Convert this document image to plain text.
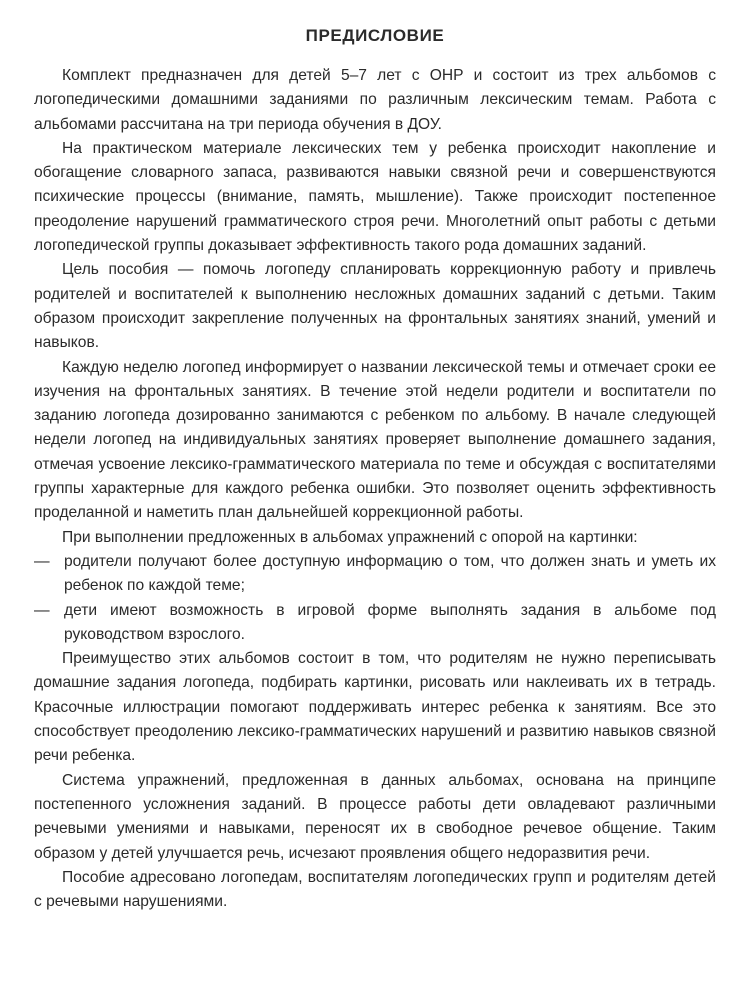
ПРЕДИСЛОВИЕ

Комплект предназначен для детей 5–7 лет с ОНР и состоит из трех альбомов с логопедическими домашними заданиями по различным лексическим темам. Работа с альбомами рассчитана на три периода обучения в ДОУ.

На практическом материале лексических тем у ребенка происходит накопление и обогащение словарного запаса, развиваются навыки связной речи и совершенствуются психические процессы (внимание, память, мышление). Также происходит постепенное преодоление нарушений грамматического строя речи. Многолетний опыт работы с детьми логопедической группы доказывает эффективность такого рода домашних заданий.

Цель пособия — помочь логопеду спланировать коррекционную работу и привлечь родителей и воспитателей к выполнению несложных домашних заданий с детьми. Таким образом происходит закрепление полученных на фронтальных занятиях знаний, умений и навыков.

Каждую неделю логопед информирует о названии лексической темы и отмечает сроки ее изучения на фронтальных занятиях. В течение этой недели родители и воспитатели по заданию логопеда дозированно занимаются с ребенком по альбому. В начале следующей недели логопед на индивидуальных занятиях проверяет выполнение домашнего задания, отмечая усвоение лексико-грамматического материала по теме и обсуждая с воспитателями группы характерные для каждого ребенка ошибки. Это позволяет оценить эффективность проделанной и наметить план дальнейшей коррекционной работы.

При выполнении предложенных в альбомах упражнений с опорой на картинки:

— родители получают более доступную информацию о том, что должен знать и уметь их ребенок по каждой теме;
— дети имеют возможность в игровой форме выполнять задания в альбоме под руководством взрослого.

Преимущество этих альбомов состоит в том, что родителям не нужно переписывать домашние задания логопеда, подбирать картинки, рисовать или наклеивать их в тетрадь. Красочные иллюстрации помогают поддерживать интерес ребенка к занятиям. Все это способствует преодолению лексико-грамматических нарушений и развитию навыков связной речи ребенка.

Система упражнений, предложенная в данных альбомах, основана на принципе постепенного усложнения заданий. В процессе работы дети овладевают различными речевыми умениями и навыками, переносят их в свободное речевое общение. Таким образом у детей улучшается речь, исчезают проявления общего недоразвития речи.

Пособие адресовано логопедам, воспитателям логопедических групп и родителям детей с речевыми нарушениями.
